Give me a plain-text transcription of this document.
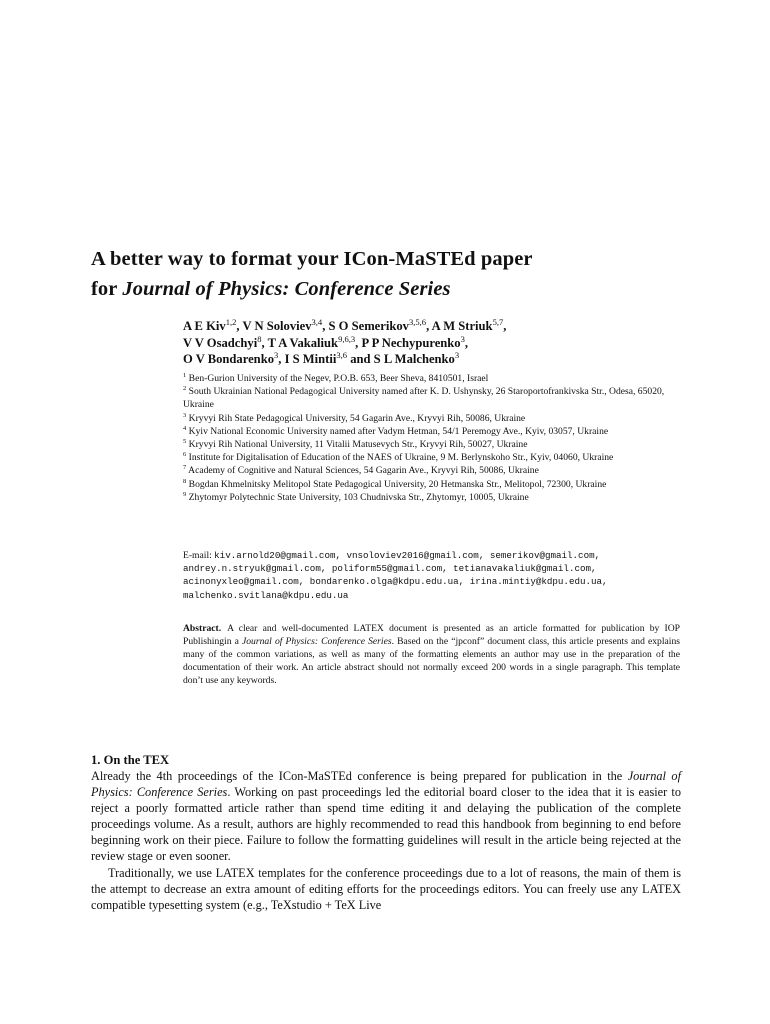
A better way to format your ICon-MaSTEd paper
for Journal of Physics: Conference Series
A E Kiv$^{1,2}$, V N Soloviev$^{3,4}$, S O Semerikov$^{3,5,6}$, A M Striuk$^{5,7}$,
V V Osadchyi$^8$, T A Vakaliuk$^{9,6,3}$, P P Nechypurenko$^3$,
O V Bondarenko$^3$, I S Mintii$^{3,6}$ and S L Malchenko$^3$

$^1$ Ben-Gurion University of the Negev, P.O.B. 653, Beer Sheva, 8410501, Israel

$^2$ South Ukrainian National Pedagogical University named after K. D. Ushynsky, 26 Staroportofrankivska Str., Odesa, 65020, Ukraine

$^3$ Kryvyi Rih State Pedagogical University, 54 Gagarin Ave., Kryvyi Rih, 50086, Ukraine

$^4$ Kyiv National Economic University named after Vadym Hetman, 54/1 Peremogy Ave., Kyiv, 03057, Ukraine

$^5$ Kryvyi Rih National University, 11 Vitalii Matusevych Str., Kryvyi Rih, 50027, Ukraine

$^6$ Institute for Digitalisation of Education of the NAES of Ukraine, 9 M. Berlynskoho Str., Kyiv, 04060, Ukraine

$^7$ Academy of Cognitive and Natural Sciences, 54 Gagarin Ave., Kryvyi Rih, 50086, Ukraine

$^8$ Bogdan Khmelnitsky Melitopol State Pedagogical University, 20 Hetmanska Str., Melitopol, 72300, Ukraine

$^9$ Zhytomyr Polytechnic State University, 103 Chudnivska Str., Zhytomyr, 10005, Ukraine

E-mail: kiv.arnold20@gmail.com, vnsoloviev2016@gmail.com, semerikov@gmail.com,
andrey.n.stryuk@gmail.com, poliform55@gmail.com, tetianavakaliuk@gmail.com,
acinonyxleo@gmail.com, bondarenko.olga@kdpu.edu.ua, irina.mintiy@kdpu.edu.ua,
malchenko.svitlana@kdpu.edu.ua
Abstract. A clear and well-documented LATEX document is presented as an article formatted for publication by IOP Publishingin a Journal of Physics: Conference Series. Based on the “jpconf” document class, this article presents and explains many of the common variations, as well as many of the formatting elements an author may use in the preparation of the documentation of their work. An article abstract should not normally exceed 200 words in a single paragraph. This template don’t use any keywords.
1. On the TEX

Already the 4th proceedings of the ICon-MaSTEd conference is being prepared for publication in the Journal of Physics: Conference Series. Working on past proceedings led the editorial board closer to the idea that it is easier to reject a poorly formatted article rather than spend time editing it and delaying the publication of the complete proceedings volume. As a result, authors are highly recommended to read this handbook from beginning to end before beginning work on their piece. Failure to follow the formatting guidelines will result in the article being rejected at the review stage or even sooner.

Traditionally, we use LATEX templates for the conference proceedings due to a lot of reasons, the main of them is the attempt to decrease an extra amount of editing efforts for the proceedings editors. You can freely use any LATEX compatible typesetting system (e.g., TeXstudio + TeX Live
